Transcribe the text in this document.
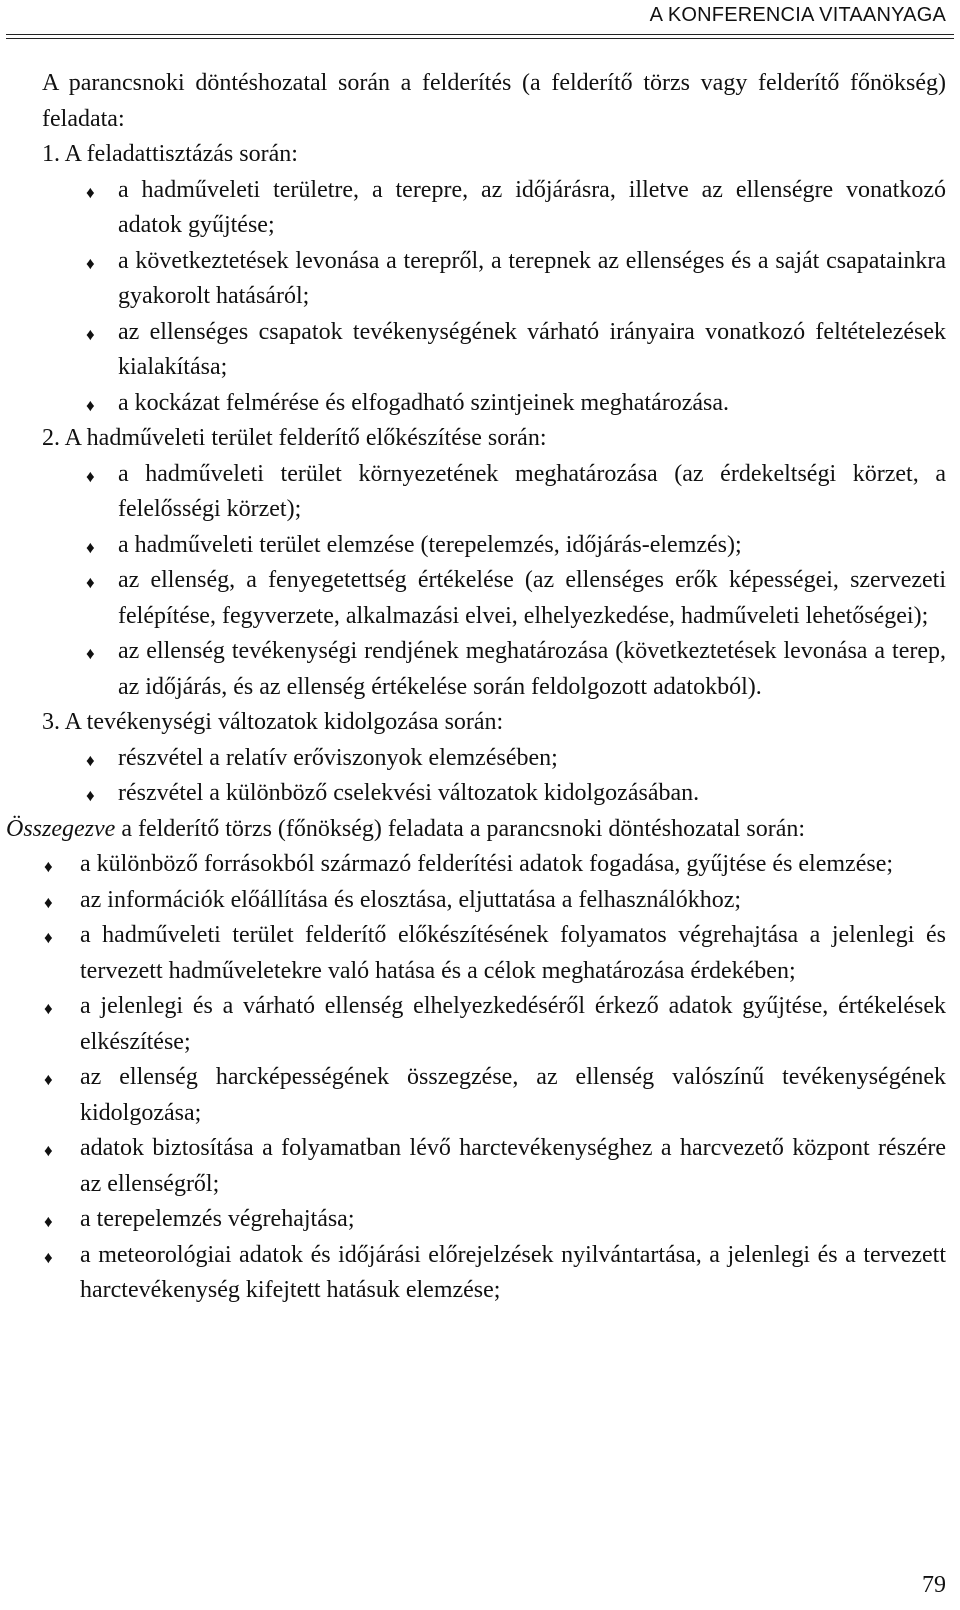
A KONFERENCIA VITAANYAGA

A parancsnoki döntéshozatal során a felderítés (a felderítő törzs vagy felderítő főnökség) feladata:

1. A feladattisztázás során:

♦ a hadműveleti területre, a terepre, az időjárásra, illetve az ellenségre vonatkozó adatok gyűjtése;
♦ a következtetések levonása a terepről, a terepnek az ellenséges és a saját csapatainkra gyakorolt hatásáról;
♦ az ellenséges csapatok tevékenységének várható irányaira vonatkozó feltételezések kialakítása;
♦ a kockázat felmérése és elfogadható szintjeinek meghatározása.

2. A hadműveleti terület felderítő előkészítése során:

♦ a hadműveleti terület környezetének meghatározása (az érdekeltségi körzet, a felelősségi körzet);
♦ a hadműveleti terület elemzése (terepelemzés, időjárás-elemzés);
♦ az ellenség, a fenyegetettség értékelése (az ellenséges erők képességei, szervezeti felépítése, fegyverzete, alkalmazási elvei, elhelyezkedése, hadműveleti lehetőségei);
♦ az ellenség tevékenységi rendjének meghatározása (következtetések levonása a terep, az időjárás, és az ellenség értékelése során feldolgozott adatokból).

3. A tevékenységi változatok kidolgozása során:

♦ részvétel a relatív erőviszonyok elemzésében;
♦ részvétel a különböző cselekvési változatok kidolgozásában.

Összegezve a felderítő törzs (főnökség) feladata a parancsnoki döntéshozatal során:

♦ a különböző forrásokból származó felderítési adatok fogadása, gyűjtése és elemzése;
♦ az információk előállítása és elosztása, eljuttatása a felhasználókhoz;
♦ a hadműveleti terület felderítő előkészítésének folyamatos végrehajtása a jelenlegi és tervezett hadműveletekre való hatása és a célok meghatározása érdekében;
♦ a jelenlegi és a várható ellenség elhelyezkedéséről érkező adatok gyűjtése, értékelések elkészítése;
♦ az ellenség harcképességének összegzése, az ellenség valószínű tevékenységének kidolgozása;
♦ adatok biztosítása a folyamatban lévő harctevékenységhez a harcvezető központ részére az ellenségről;
♦ a terepelemzés végrehajtása;
♦ a meteorológiai adatok és időjárási előrejelzések nyilvántartása, a jelenlegi és a tervezett harctevékenység kifejtett hatásuk elemzése;
79
